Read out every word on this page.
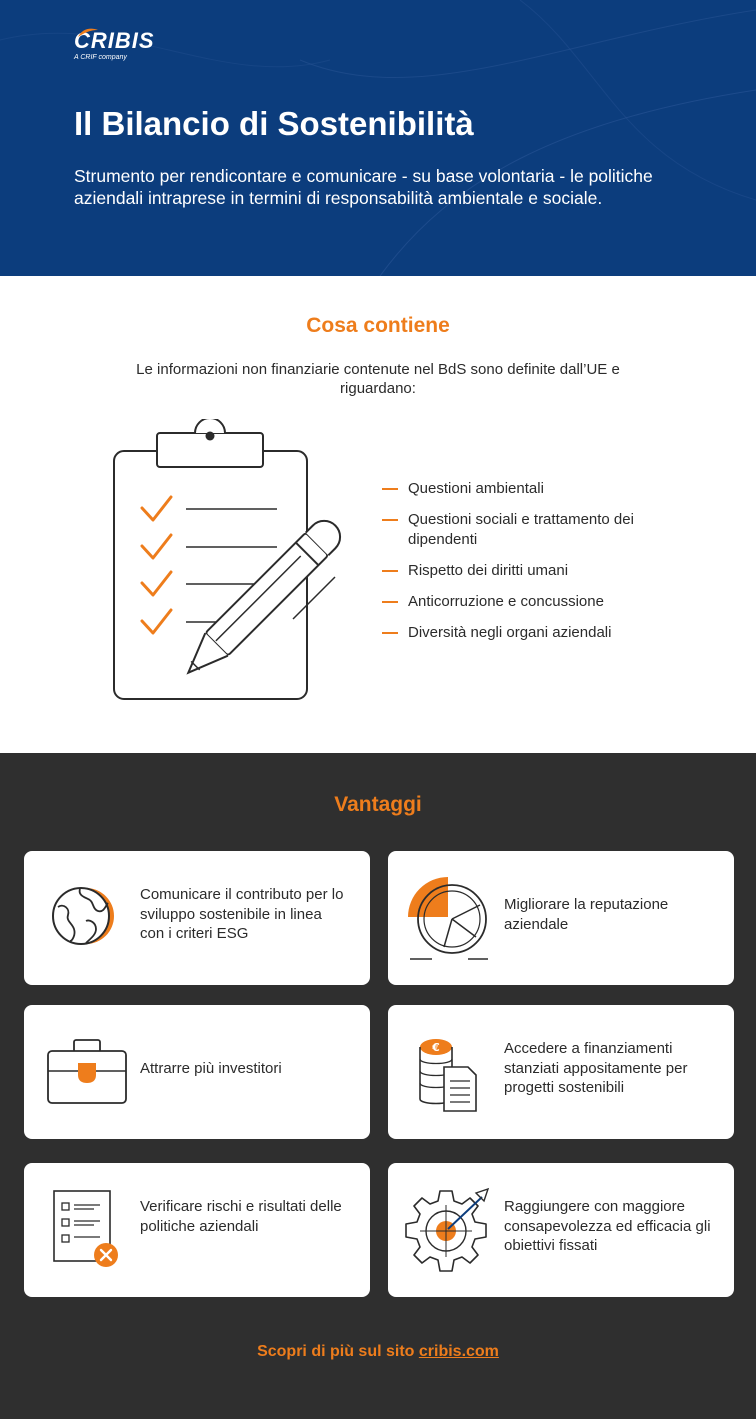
CRIBIS
A CRIF company
Il Bilancio di Sostenibilità

Strumento per rendicontare e comunicare - su base volontaria - le politiche aziendali intraprese in termini di responsabilità ambientale e sociale.

Cosa contiene

Le informazioni non finanziarie contenute nel BdS sono definite dall’UE e riguardano:

Questioni ambientali
Questioni sociali e trattamento dei dipendenti
Rispetto dei diritti umani
Anticorruzione e concussione
Diversità negli organi aziendali
Vantaggi
Comunicare il contributo per lo sviluppo sostenibile in linea con i criteri ESG
Migliorare la reputazione aziendale
Attrarre più investitori
€	Accedere a finanziamenti stanziati appositamente per progetti sostenibili
Verificare rischi e risultati delle politiche aziendali
Raggiungere con maggiore consapevolezza ed efficacia gli obiettivi fissati
Scopri di più sul sito cribis.com
